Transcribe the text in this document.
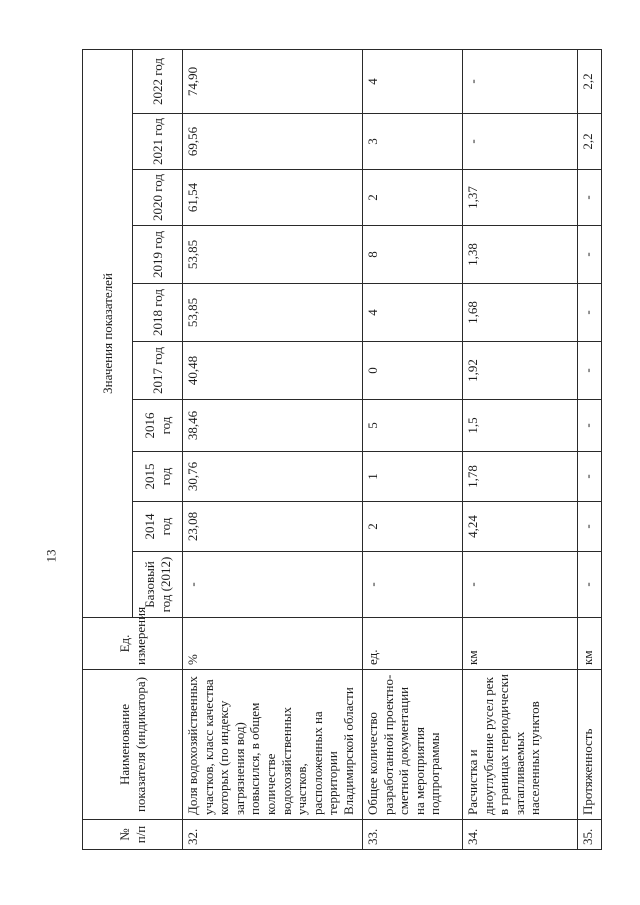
13
№ п/п	Наименование показателя (индикатора)	Ед. измерения	Значения показателей									
			Базовый год (2012)	2014 год	2015 год	2016 год	2017 год	2018 год	2019 год	2020 год	2021 год	2022 год
32.	Доля водохозяйственных участков, класс качества которых (по индексу загрязнения вод) повысился, в общем количестве водохозяйственных участков, расположенных на территории Владимирской области	%	-	23,08	30,76	38,46	40,48	53,85	53,85	61,54	69,56	74,90
33.	Общее количество разработанной проектно-сметной документации на мероприятия подпрограммы	ед.	-	2	1	5	0	4	8	2	3	4
34.	Расчистка и дноуглубление русел рек в границах периодически затапливаемых населенных пунктов	км	-	4,24	1,78	1,5	1,92	1,68	1,38	1,37	-	-
35.	Протяженность	км	-	-	-	-	-	-	-	-	2,2	2,2
